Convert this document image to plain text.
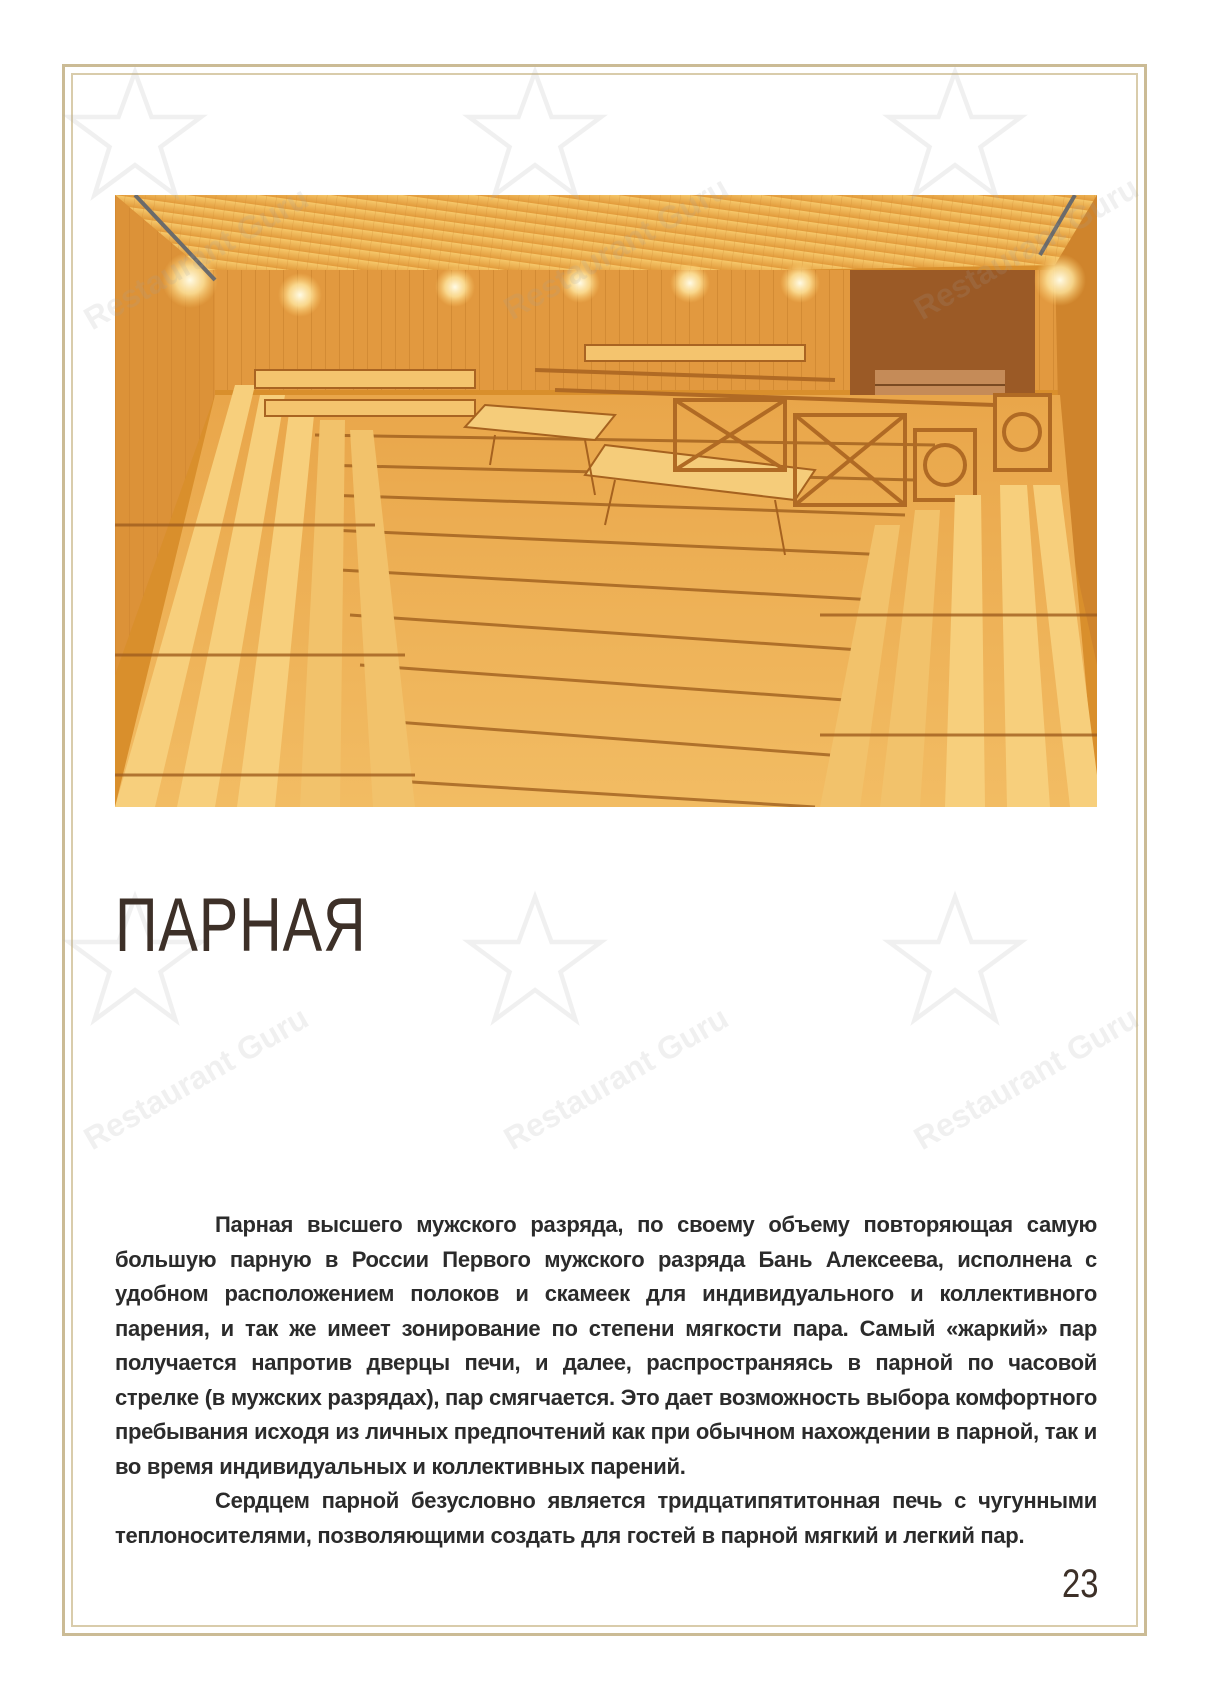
Guru
Restaurant Guru	Restaurant Guru	Restaurant Guru
ПАРНАЯ

Парная высшего мужского разряда, по своему объему повторяющая самую большую парную в России Первого мужского разряда Бань Алексеева, исполнена с удобном расположением полоков и скамеек для индивидуального и коллективного парения, и так же имеет зонирование по степени мягкости пара. Самый «жаркий» пар получается напротив дверцы печи, и далее, распространяясь в парной по часовой стрелке (в мужских разрядах), пар смягчается. Это дает возможность выбора комфортного пребывания исходя из личных предпочтений как при обычном нахождении в парной, так и во время индивидуальных и коллективных парений.

Сердцем парной безусловно является тридцатипятитонная печь с чугунными теплоносителями, позволяющими создать для гостей в парной мягкий и легкий пар.

23
